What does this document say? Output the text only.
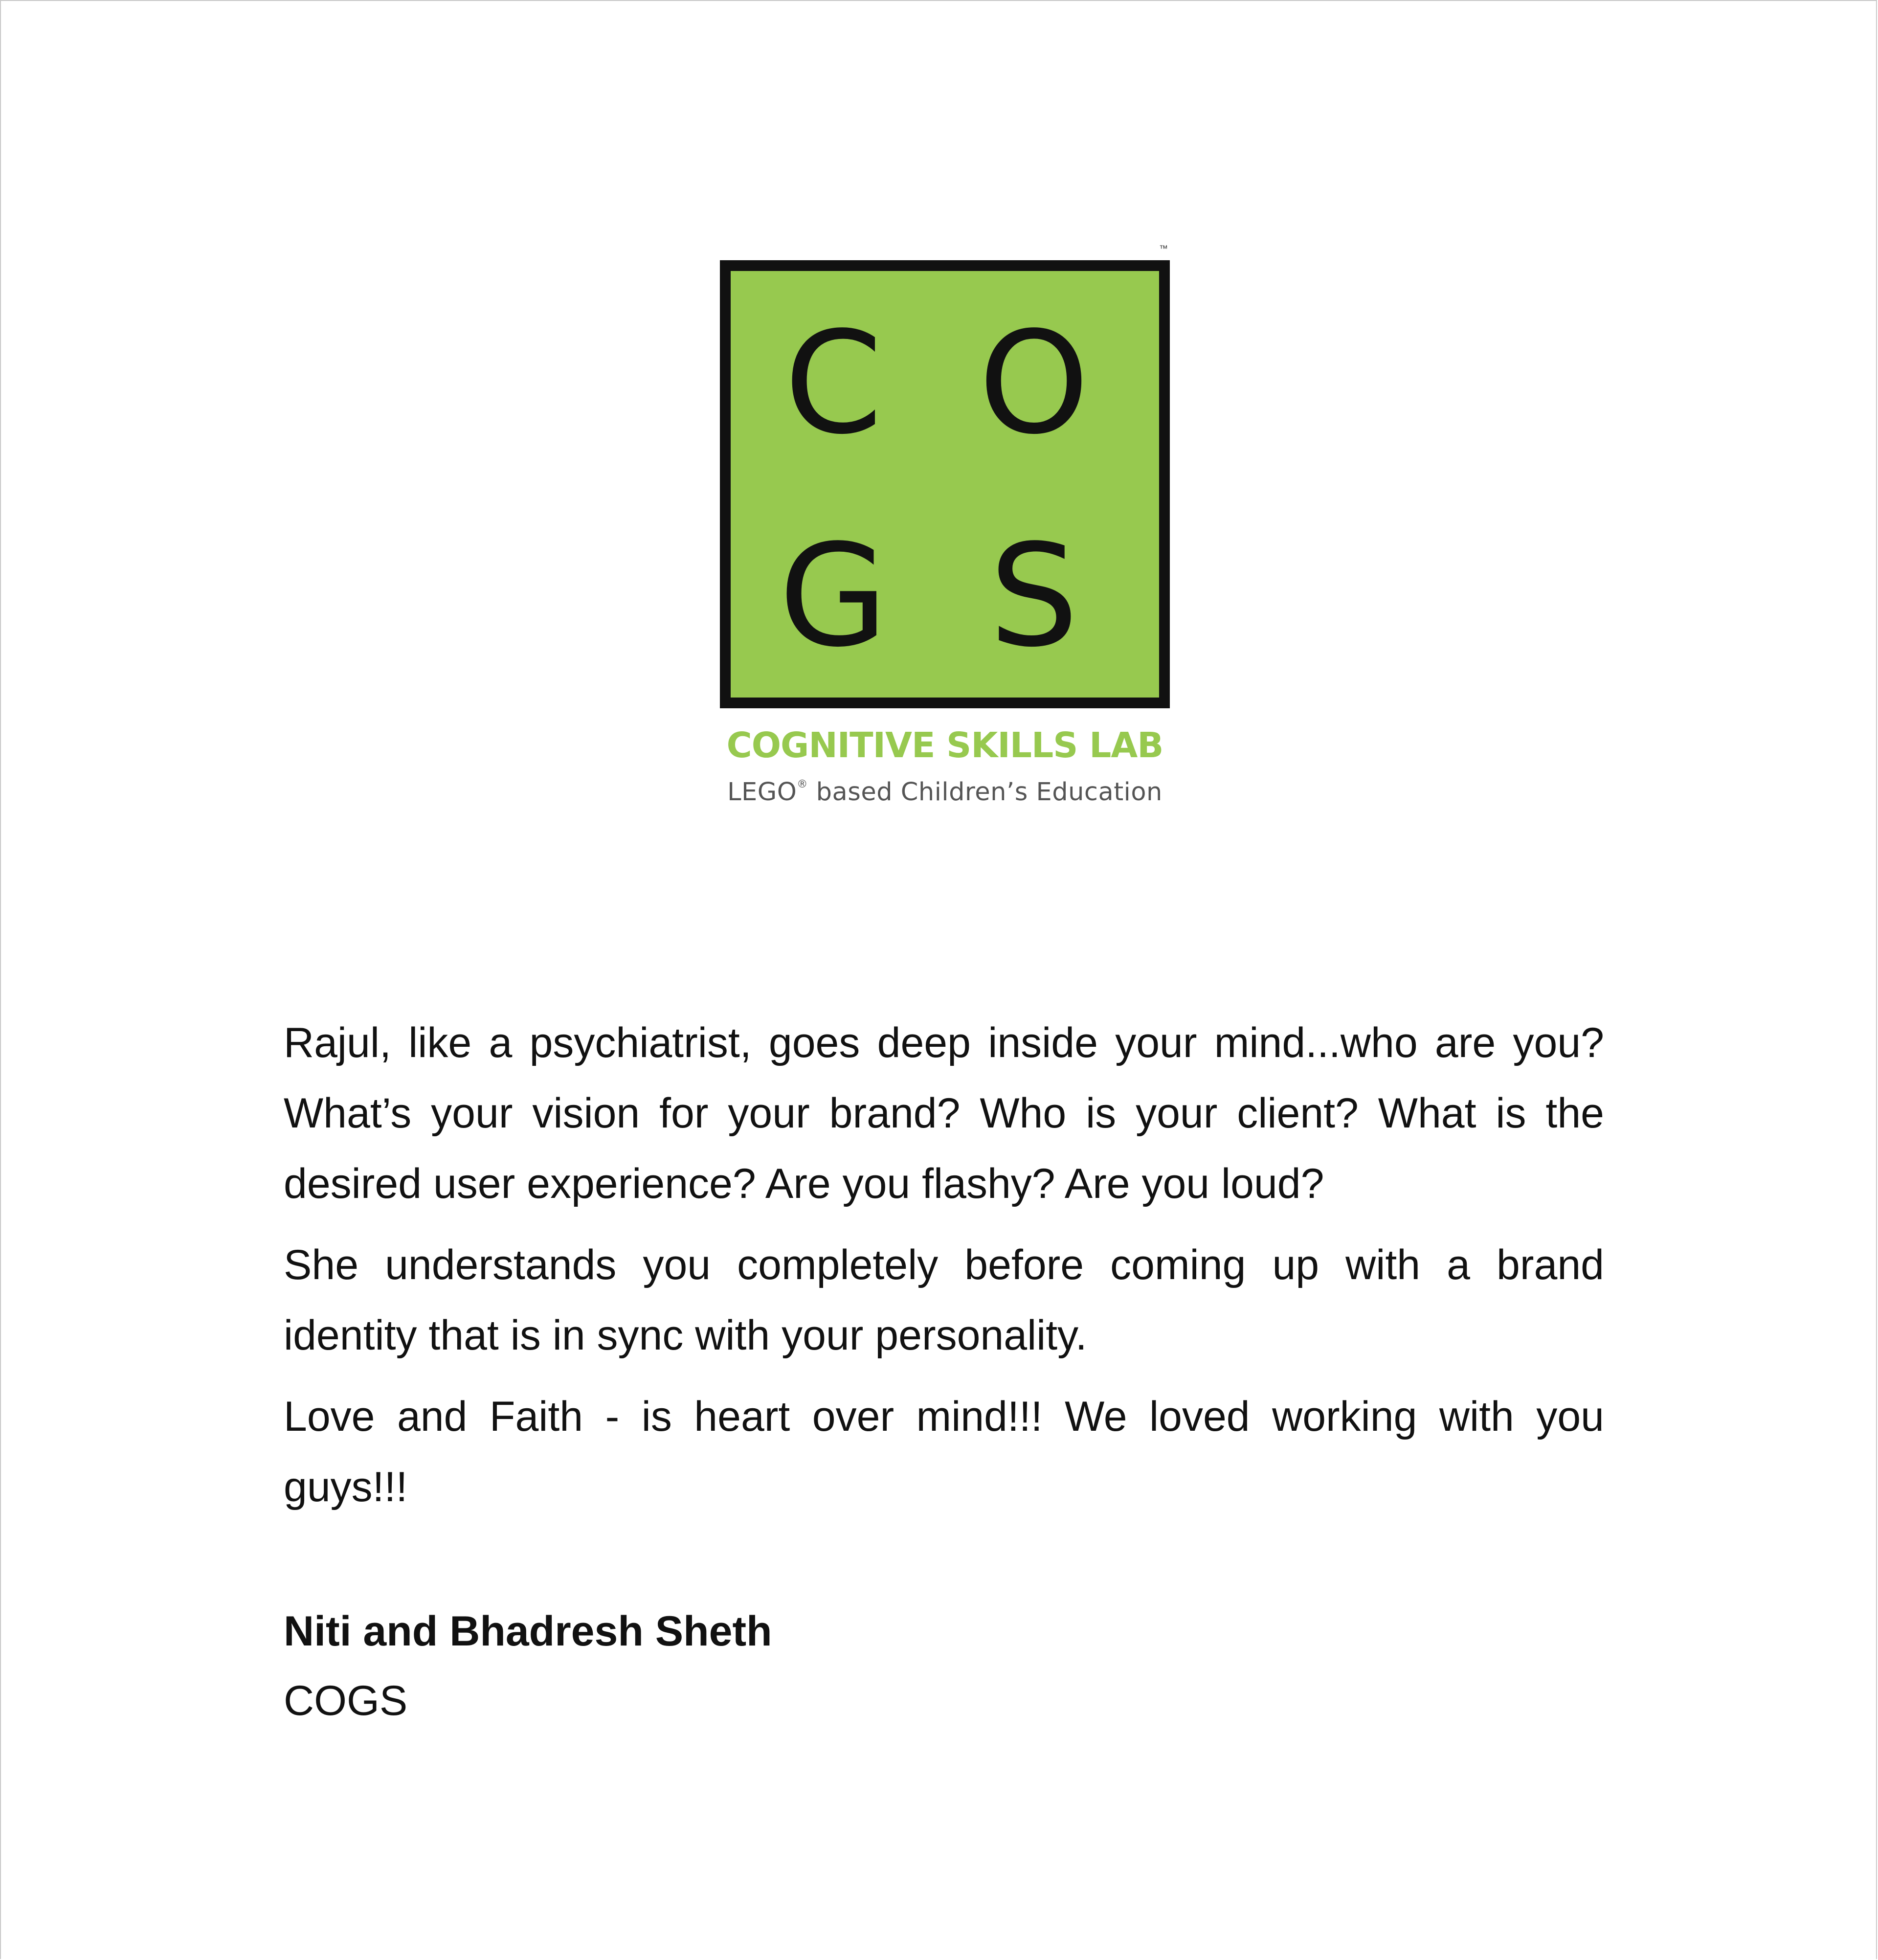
™
C O
G S
COGNITIVE SKILLS LAB
LEGO® based Children’s Education

Rajul, like a psychiatrist, goes deep inside your mind...who are you? What’s your vision for your brand? Who is your client? What is the desired user experience? Are you flashy? Are you loud?

She understands you completely before coming up with a brand identity that is in sync with your personality.

Love and Faith - is heart over mind!!! We loved working with you guys!!!

Niti and Bhadresh Sheth
COGS
